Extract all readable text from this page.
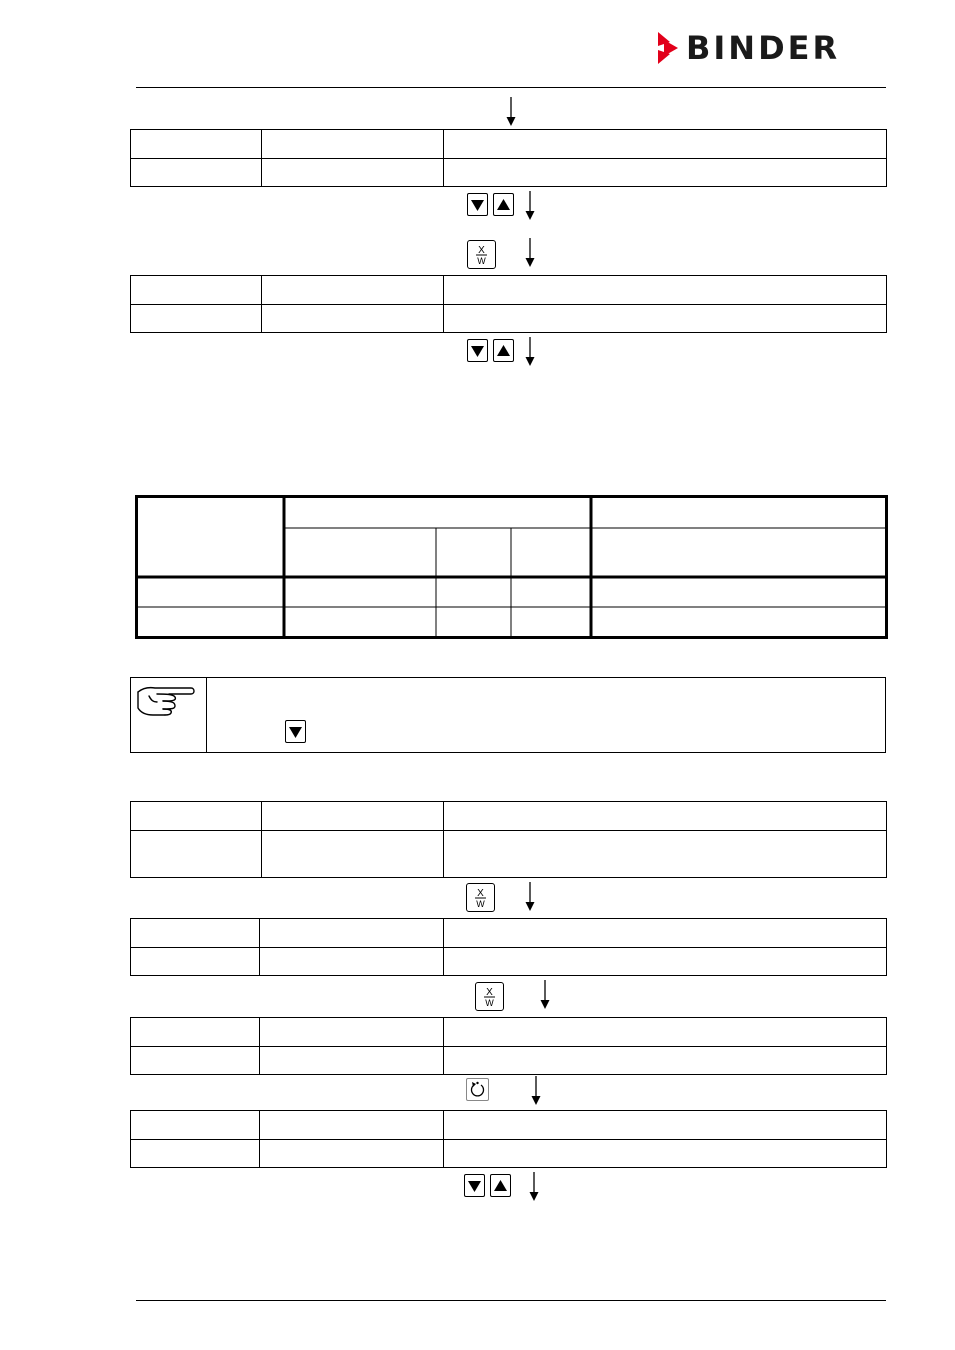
BINDER

X
W

X
W

X
W
